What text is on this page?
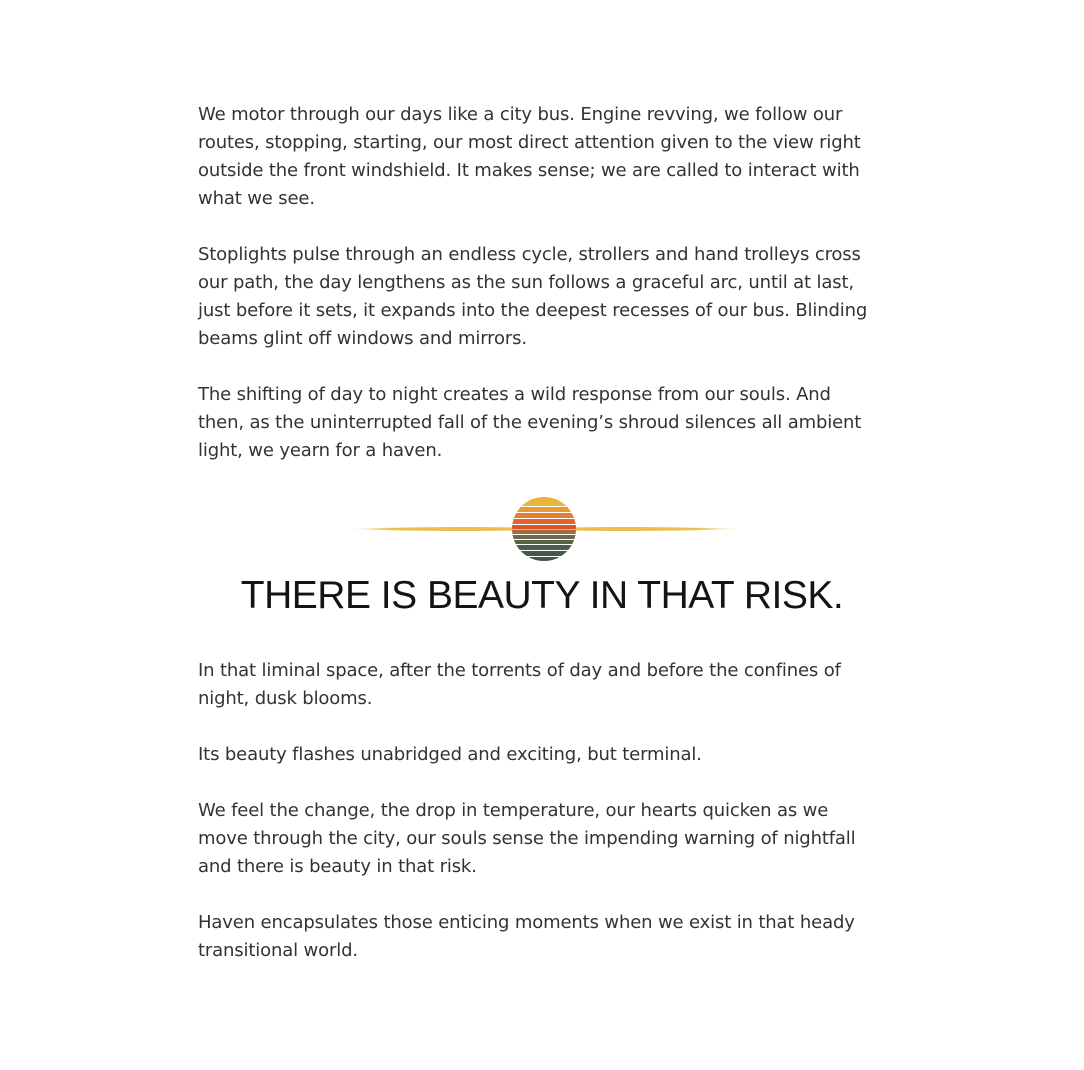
We motor through our days like a city bus. Engine revving, we follow our
routes, stopping, starting, our most direct attention given to the view right
outside the front windshield. It makes sense; we are called to interact with
what we see.

Stoplights pulse through an endless cycle, strollers and hand trolleys cross
our path, the day lengthens as the sun follows a graceful arc, until at last,
just before it sets, it expands into the deepest recesses of our bus. Blinding
beams glint off windows and mirrors.

The shifting of day to night creates a wild response from our souls. And
then, as the uninterrupted fall of the evening’s shroud silences all ambient
light, we yearn for a haven.

THERE IS BEAUTY IN THAT RISK.

In that liminal space, after the torrents of day and before the confines of
night, dusk blooms.

Its beauty flashes unabridged and exciting, but terminal.

We feel the change, the drop in temperature, our hearts quicken as we
move through the city, our souls sense the impending warning of nightfall
and there is beauty in that risk.

Haven encapsulates those enticing moments when we exist in that heady
transitional world.
